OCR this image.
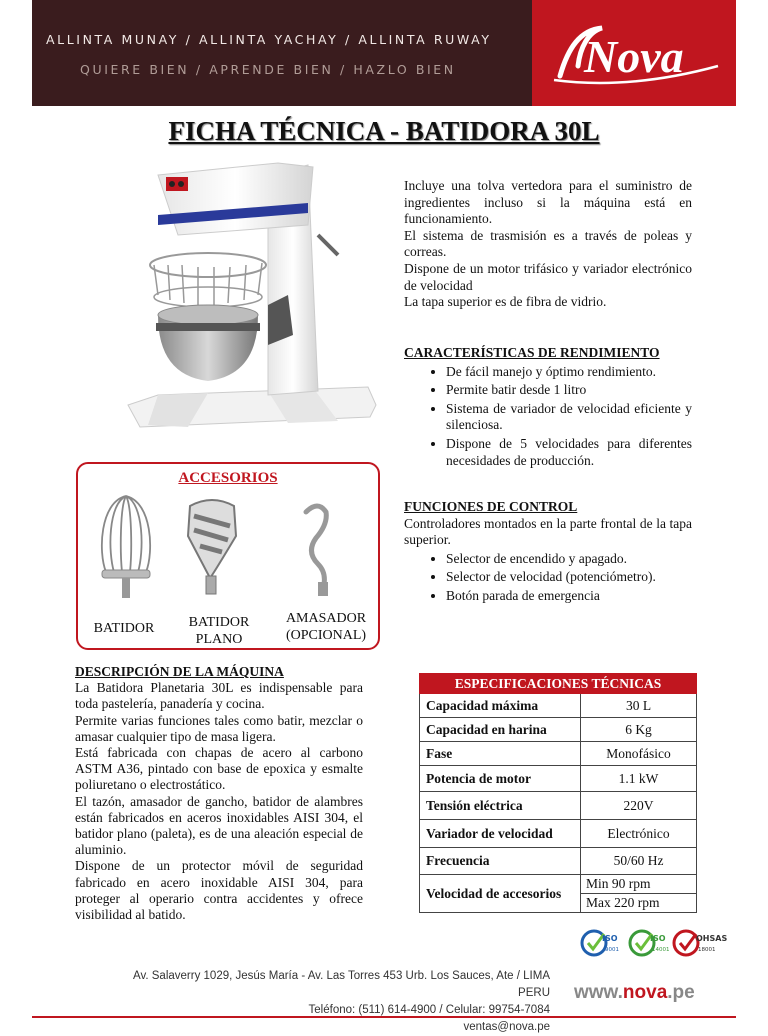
ALLINTA MUNAY / ALLINTA YACHAY / ALLINTA RUWAY
QUIERE BIEN / APRENDE BIEN / HAZLO BIEN	Nova
FICHA TÉCNICA - BATIDORA 30L

Incluye una tolva vertedora para el suministro de ingredientes incluso si la máquina está en funcionamiento.

El sistema de trasmisión es a través de poleas y correas.

Dispone de un motor trifásico y variador electrónico de velocidad

La tapa superior es de fibra de vidrio.

CARACTERÍSTICAS DE RENDIMIENTO

• De fácil manejo y óptimo rendimiento.
• Permite batir desde 1 litro
• Sistema de variador de velocidad eficiente y silenciosa.
• Dispone de 5 velocidades para diferentes necesidades de producción.

FUNCIONES DE CONTROL

Controladores montados en la parte frontal de la tapa superior.

• Selector de encendido y apagado.
• Selector de velocidad (potenciómetro).
• Botón parada de emergencia
ACCESORIOS
BATIDOR	BATIDOR
PLANO
AMASADOR
(OPCIONAL)

DESCRIPCIÓN DE LA MÁQUINA

La Batidora Planetaria 30L es indispensable para toda pastelería, panadería y cocina.

Permite varias funciones tales como batir, mezclar o amasar cualquier tipo de masa ligera.

Está fabricada con chapas de acero al carbono ASTM A36, pintado con base de epoxica y esmalte poliuretano o electrostático.

El tazón, amasador de gancho, batidor de alambres están fabricados en aceros inoxidables AISI 304, el batidor plano (paleta), es de una aleación especial de aluminio.

Dispone de un protector móvil de seguridad fabricado en acero inoxidable AISI 304, para proteger al operario contra accidentes y ofrece visibilidad al batido.

ESPECIFICACIONES TÉCNICAS	
Capacidad máxima	30 L
Capacidad en harina	6 Kg
Fase	Monofásico
Potencia de motor	1.1 kW
Tensión eléctrica	220V
Variador de velocidad	Electrónico
Frecuencia	50/60 Hz
Velocidad de accesorios	Min 90 rpm
	Max 220 rpm
ISO
9001
ISO
14001
OHSAS
18001
Av. Salaverry 1029, Jesús María - Av. Las Torres 453 Urb. Los Sauces, Ate / LIMA PERU
Teléfono: (511) 614-4900 / Celular: 99754-7084
ventas@nova.pe
www.nova.pe
